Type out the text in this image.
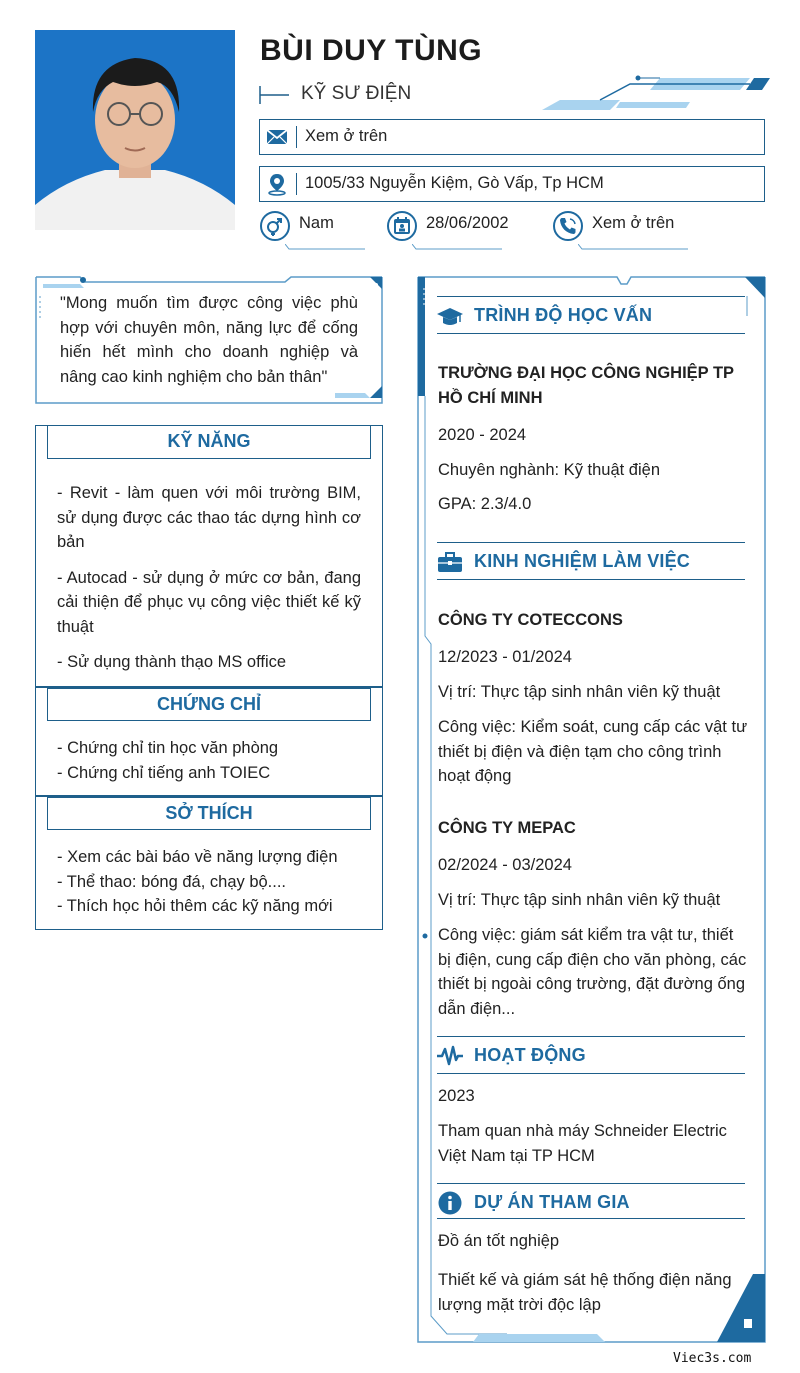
BÙI DUY TÙNG
KỸ SƯ ĐIỆN
Xem ở trên
1005/33 Nguyễn Kiệm, Gò Vấp, Tp HCM
Nam	28/06/2002	Xem ở trên
"Mong muốn tìm được công việc phù hợp với chuyên môn, năng lực để cống hiến hết mình cho doanh nghiệp và nâng cao kinh nghiệm cho bản thân"
KỸ NĂNG
- Revit - làm quen với môi trường BIM, sử dụng được các thao tác dựng hình cơ bản
- Autocad - sử dụng ở mức cơ bản, đang cải thiện để phục vụ công việc thiết kế kỹ thuật
- Sử dụng thành thạo MS office
CHỨNG CHỈ
- Chứng chỉ tin học văn phòng
- Chứng chỉ tiếng anh TOIEC
SỞ THÍCH
- Xem các bài báo về năng lượng điện
- Thể thao: bóng đá, chạy bộ....
- Thích học hỏi thêm các kỹ năng mới
TRÌNH ĐỘ HỌC VẤN
TRƯỜNG ĐẠI HỌC CÔNG NGHIỆP TP HỒ CHÍ MINH
2020 - 2024
Chuyên nghành: Kỹ thuật điện
GPA: 2.3/4.0
KINH NGHIỆM LÀM VIỆC
CÔNG TY COTECCONS
12/2023 - 01/2024
Vị trí: Thực tập sinh nhân viên kỹ thuật
Công việc: Kiểm soát, cung cấp các vật tư thiết bị điện và điện tạm cho công trình hoạt động
CÔNG TY MEPAC
02/2024 - 03/2024
Vị trí: Thực tập sinh nhân viên kỹ thuật
Công việc: giám sát kiểm tra vật tư, thiết bị điện, cung cấp điện cho văn phòng, các thiết bị ngoài công trường, đặt đường ống dẫn điện...
HOẠT ĐỘNG
2023
Tham quan nhà máy Schneider Electric Việt Nam tại TP HCM
DỰ ÁN THAM GIA
Đồ án tốt nghiệp
Thiết kế và giám sát hệ thống điện năng lượng mặt trời độc lập
Viec3s.com
